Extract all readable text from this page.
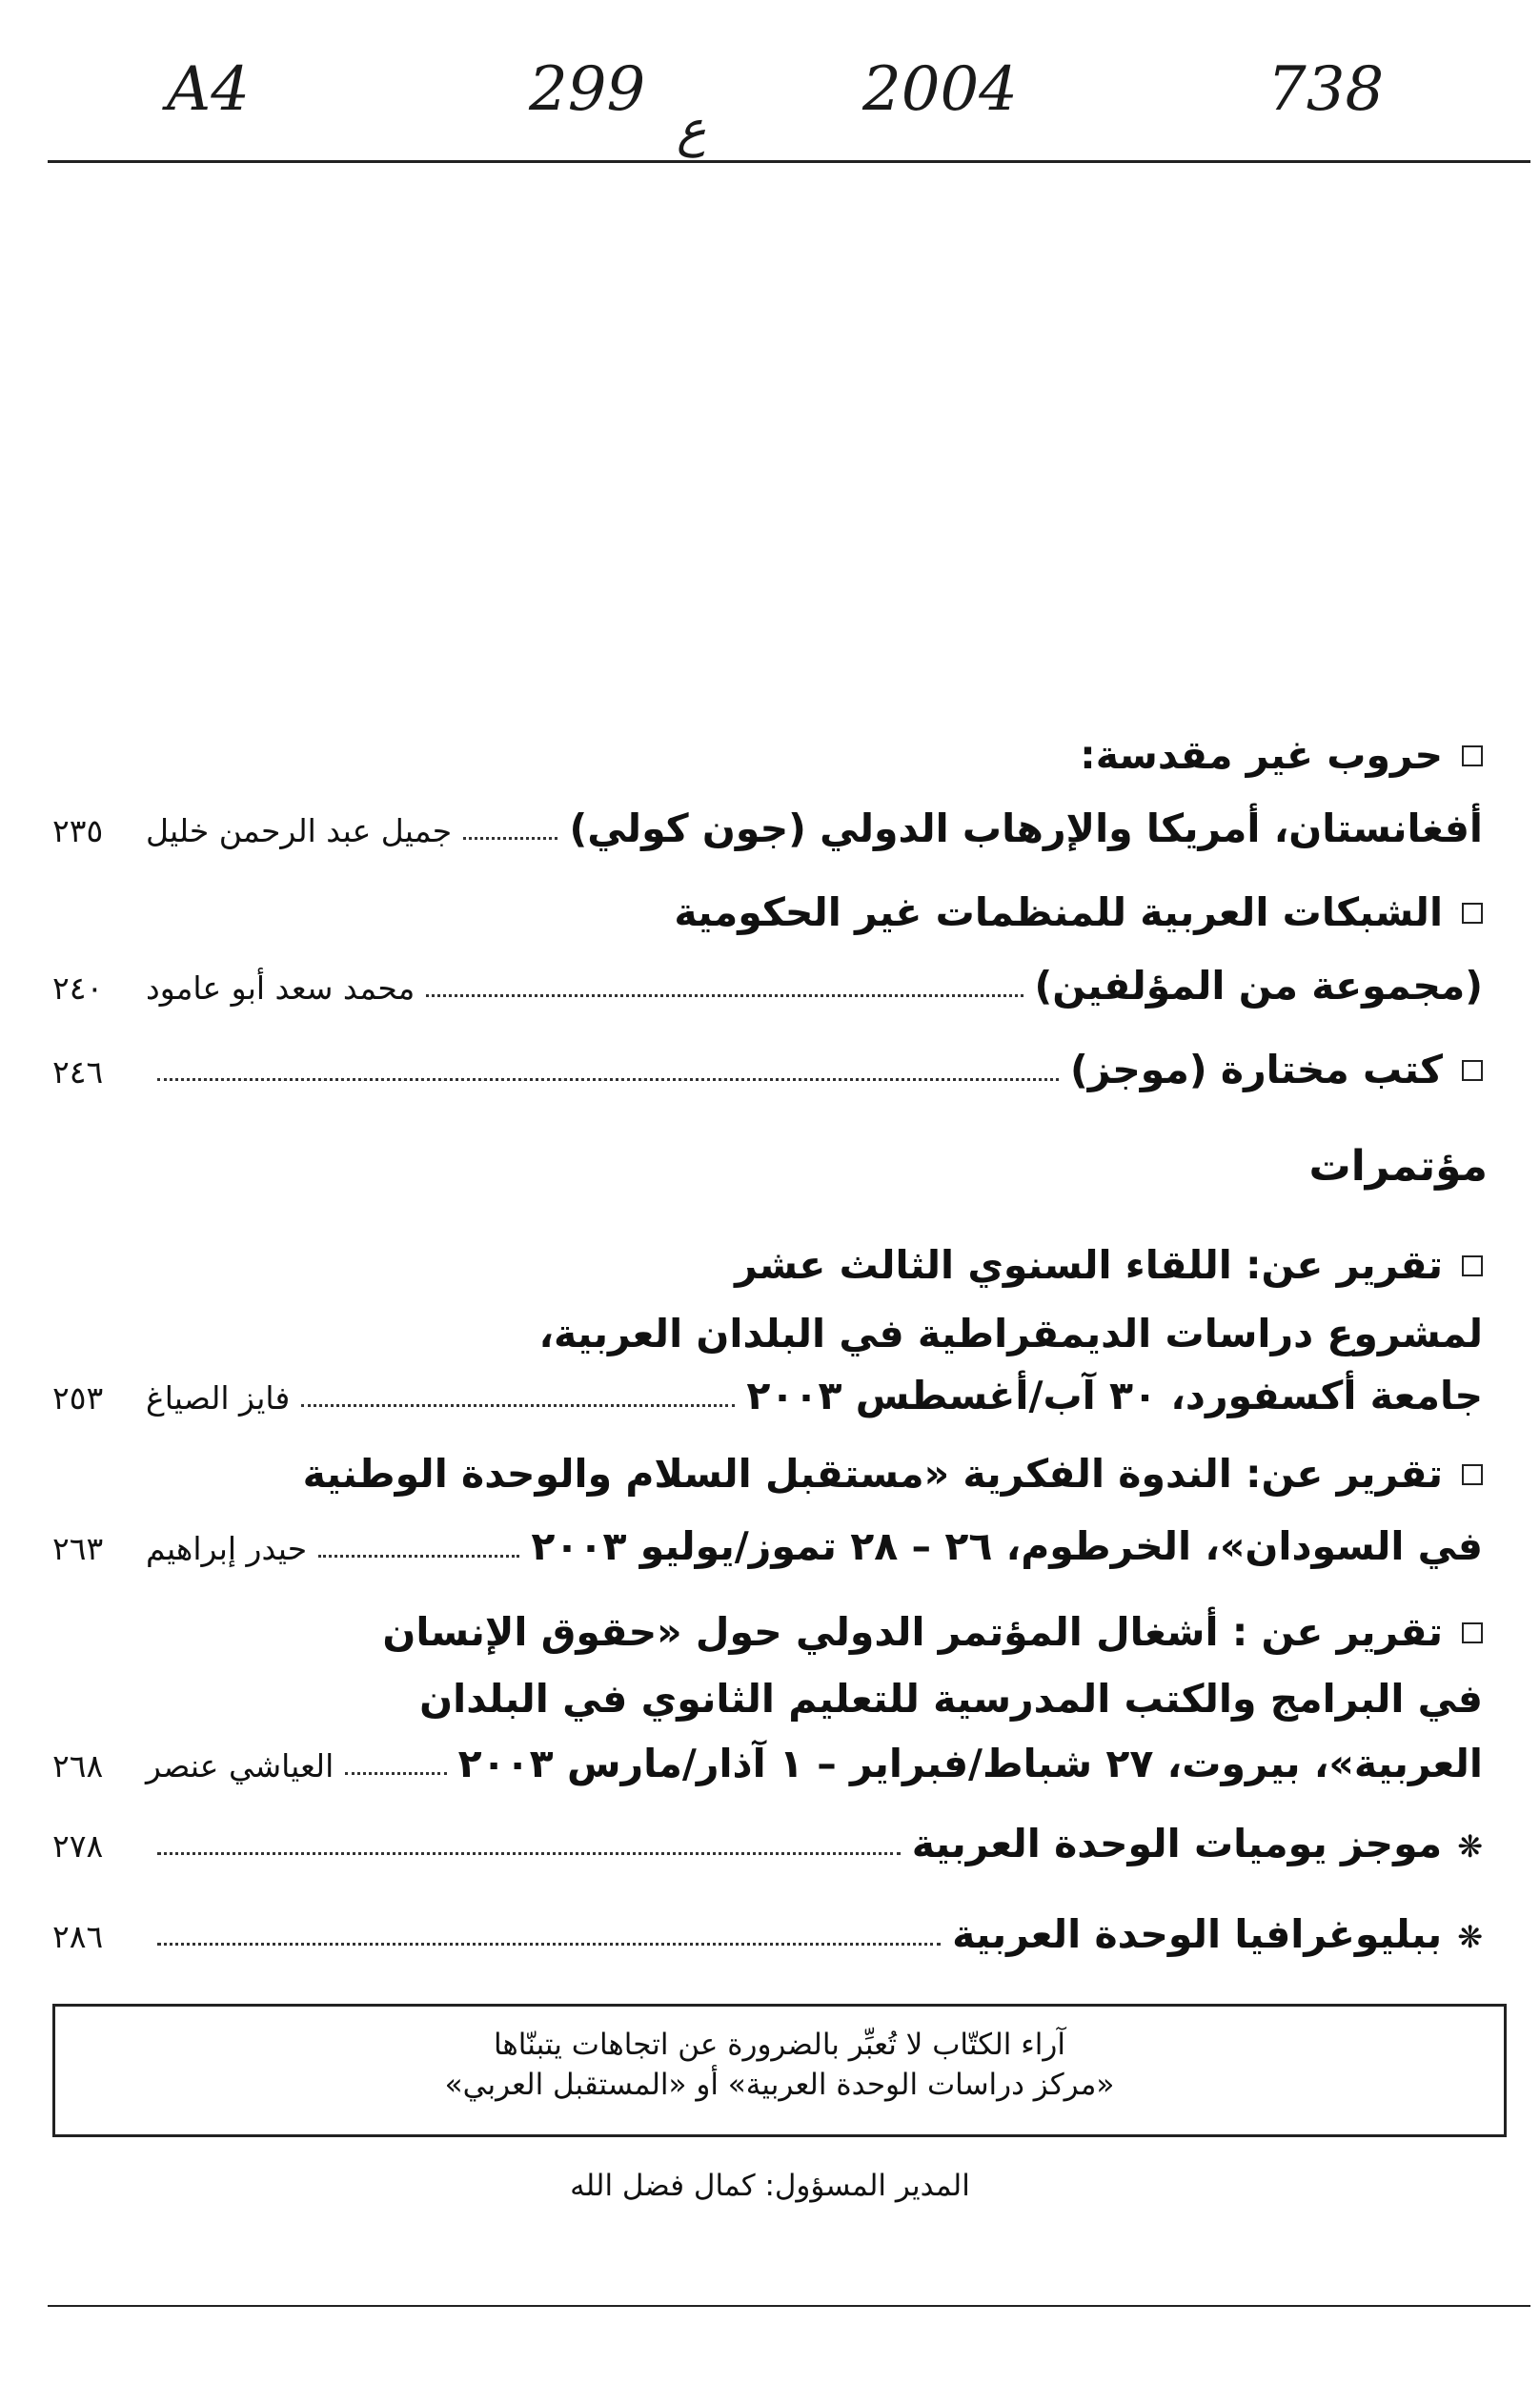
A4	299
ع
2004	738
حروب غير مقدسة:
أفغانستان، أمريكا والإرهاب الدولي (جون كولي)
جميل عبد الرحمن خليل
٢٣٥
الشبكات العربية للمنظمات غير الحكومية
(مجموعة من المؤلفين)
محمد سعد أبو عامود
٢٤٠
كتب مختارة (موجز)
٢٤٦
مؤتمرات
تقرير عن: اللقاء السنوي الثالث عشر
لمشروع دراسات الديمقراطية في البلدان العربية،
جامعة أكسفورد، ٣٠ آب/أغسطس ٢٠٠٣
فايز الصياغ
٢٥٣
تقرير عن: الندوة الفكرية «مستقبل السلام والوحدة الوطنية
في السودان»، الخرطوم، ٢٦ – ٢٨ تموز/يوليو ٢٠٠٣
حيدر إبراهيم
٢٦٣
تقرير عن : أشغال المؤتمر الدولي حول «حقوق الإنسان
في البرامج والكتب المدرسية للتعليم الثانوي في البلدان
العربية»، بيروت، ٢٧ شباط/فبراير – ١ آذار/مارس ٢٠٠٣
العياشي عنصر
٢٦٨
❋
موجز يوميات الوحدة العربية
٢٧٨
❋
ببليوغرافيا الوحدة العربية
٢٨٦
آراء الكتّاب لا تُعبِّر بالضرورة عن اتجاهات يتبنّاها
«مركز دراسات الوحدة العربية» أو «المستقبل العربي»
المدير المسؤول: كمال فضل الله
